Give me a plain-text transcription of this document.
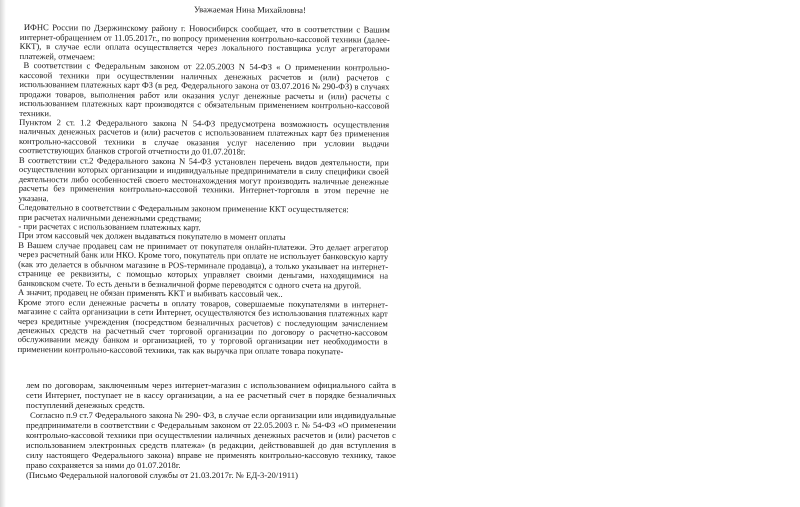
Уважаемая Нина Михайловна!

ИФНС России по Дзержинскому району г. Новосибирск сообщает, что в соответствии с Вашим интернет-обращением от 11.05.2017г., по вопросу применения контрольно-кассовой техники (далее-ККТ), в случае если оплата осуществляется через локального поставщика услуг агрегаторами платежей, отмечаем:

В соответствии с Федеральным законом от 22.05.2003 N 54-ФЗ « О применении контрольно-кассовой техники при осуществлении наличных денежных расчетов и (или) расчетов с использованием платежных карт ФЗ (в ред. Федерального закона от 03.07.2016 № 290-ФЗ) в случаях продажи товаров, выполнения работ или оказания услуг денежные расчеты и (или) расчеты с использованием платежных карт производятся с обязательным применением контрольно-кассовой техники.

Пунктом 2 ст. 1.2 Федерального закона N 54-ФЗ предусмотрена возможность осуществления наличных денежных расчетов и (или) расчетов с использованием платежных карт без применения контрольно-кассовой техники в случае оказания услуг населению при условии выдачи соответствующих бланков строгой отчетности до 01.07.2018г.

В соответствии ст.2 Федерального закона N 54-ФЗ установлен перечень видов деятельности, при осуществлении которых организации и индивидуальные предприниматели в силу специфики своей деятельности либо особенностей своего местонахождения могут производить наличные денежные расчеты без применения контрольно-кассовой техники. Интернет-торговля в этом перечне не указана.

Следовательно в соответствии с Федеральным законом применение ККТ осуществляется:

при расчетах наличными денежными средствами;

- при расчетах с использованием платежных карт.

При этом кассовый чек должен выдаваться покупателю в момент оплаты

В Вашем случае продавец сам не принимает от покупателя онлайн-платежи. Это делает агрегатор через расчетный банк или НКО. Кроме того, покупатель при оплате не использует банковскую карту (как это делается в обычном магазине в POS-терминале продавца), а только указывает на интернет-странице ее реквизиты, с помощью которых управляет своими деньгами, находящимися на банковском счете. То есть деньги в безналичной форме переводятся с одного счета на другой.

А значит, продавец не обязан применять ККТ и выбивать кассовый чек..

Кроме этого если денежные расчеты в оплату товаров, совершаемые покупателями в интернет-магазине с сайта организации в сети Интернет, осуществляются без использования платежных карт через кредитные учреждения (посредством безналичных расчетов) с последующим зачислением денежных средств на расчетный счет торговой организации по договору о расчетно-кассовом обслуживании между банком и организацией, то у торговой организации нет необходимости в применении контрольно-кассовой техники, так как выручка при оплате товара покупате-

лем по договорам, заключенным через интернет-магазин с использованием официального сайта в сети Интернет, поступает не в кассу организации, а на ее расчетный счет в порядке безналичных поступлений денежных средств.

Согласно п.9 ст.7 Федерального закона № 290- ФЗ, в случае если организации или индивидуальные предприниматели в соответствии с Федеральным законом от 22.05.2003 г. № 54-ФЗ «О применении контрольно-кассовой техники при осуществлении наличных денежных расчетов и (или) расчетов с использованием электронных средств платежа» (в редакции, действовавшей до дня вступления в силу настоящего Федерального закона) вправе не применять контрольно-кассовую технику, такое право сохраняется за ними до 01.07.2018г.

(Письмо Федеральной налоговой службы от 21.03.2017г. № ЕД-3-20/1911)
